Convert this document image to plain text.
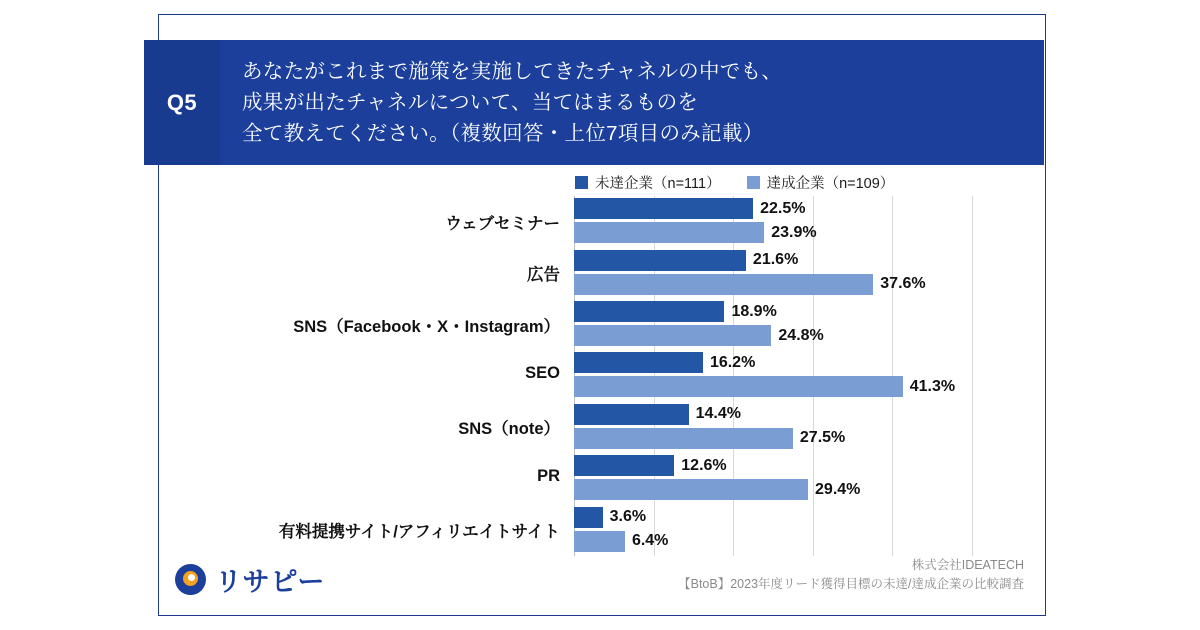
Q5
あなたがこれまで施策を実施してきたチャネルの中でも、
成果が出たチャネルについて、当てはまるものを
全て教えてください。（複数回答・上位7項目のみ記載）
未達企業（n=111）	達成企業（n=109）
ウェブセミナー
22.5%
23.9%
広告
21.6%
37.6%
SNS（Facebook・X・Instagram）
18.9%
24.8%
SEO
16.2%
41.3%
SNS（note）
14.4%
27.5%
PR
12.6%
29.4%
有料提携サイト/アフィリエイトサイト
3.6%
6.4%
リサピー
株式会社IDEATECH
【BtoB】2023年度リード獲得目標の未達/達成企業の比較調査
